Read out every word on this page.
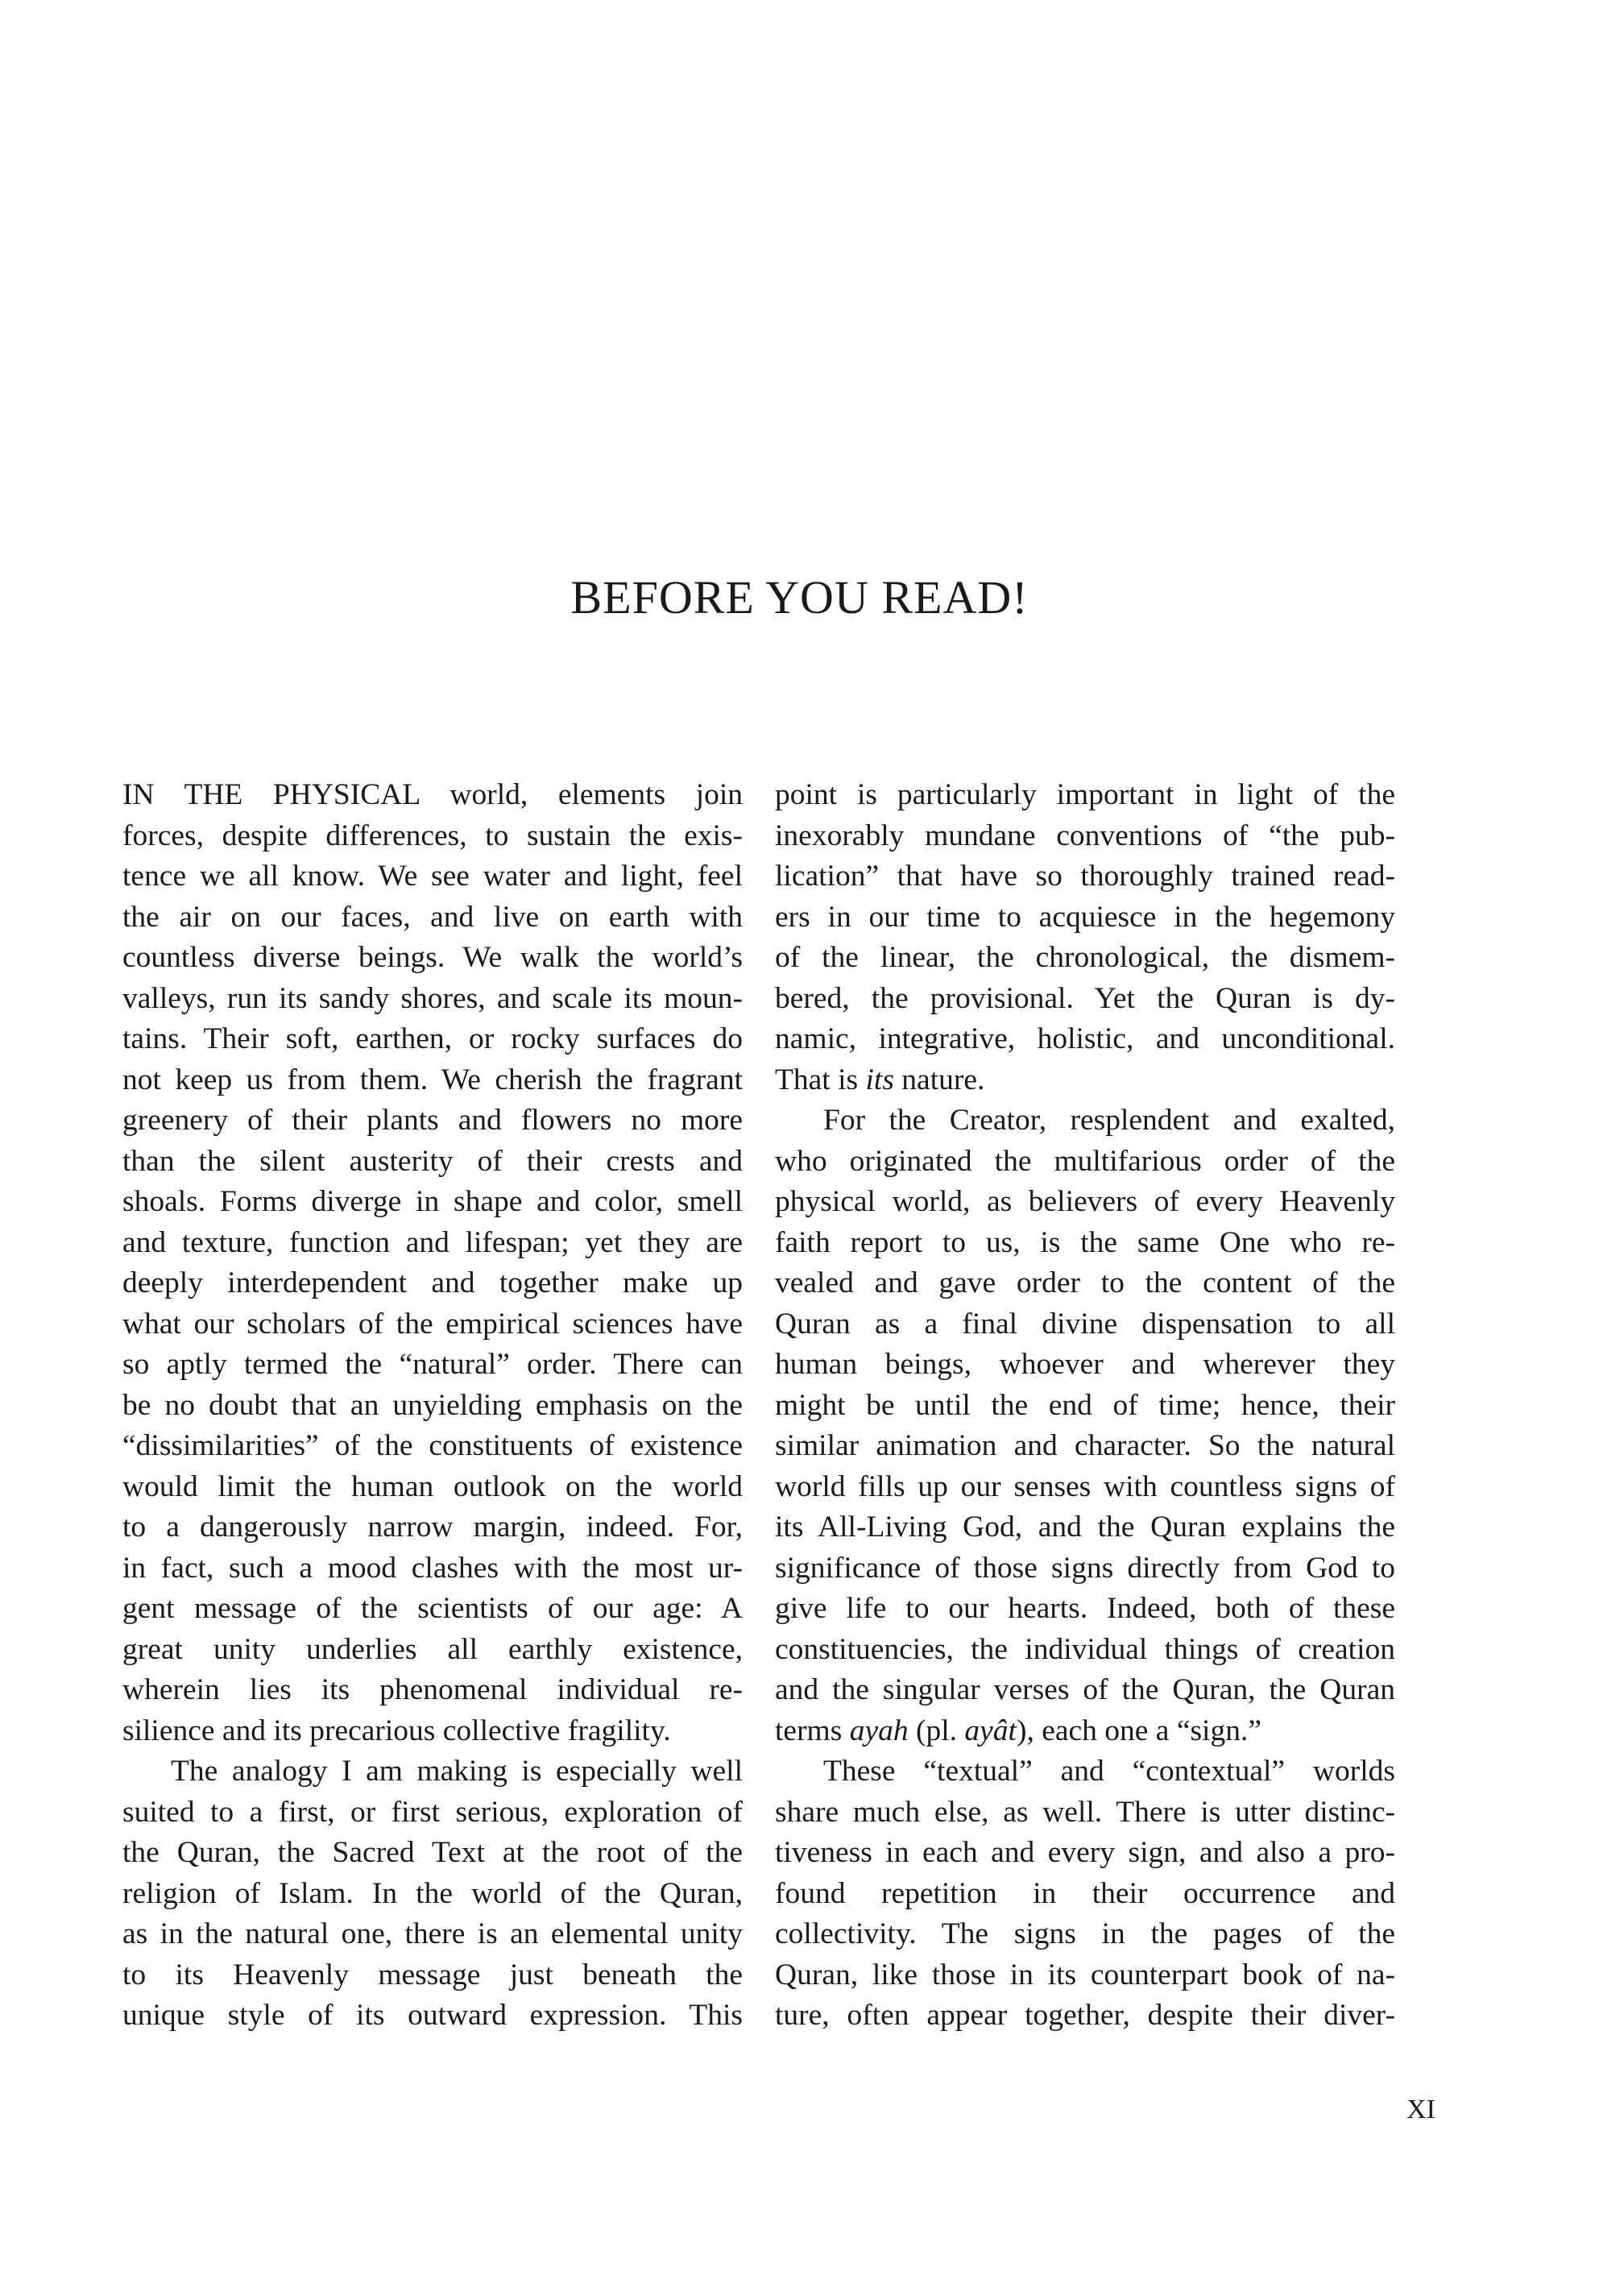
BEFORE YOU READ!
IN THE PHYSICAL world, elements join
forces, despite differences, to sustain the exis-
tence we all know. We see water and light, feel
the air on our faces, and live on earth with
countless diverse beings. We walk the world’s
valleys, run its sandy shores, and scale its moun-
tains. Their soft, earthen, or rocky surfaces do
not keep us from them. We cherish the fragrant
greenery of their plants and flowers no more
than the silent austerity of their crests and
shoals. Forms diverge in shape and color, smell
and texture, function and lifespan; yet they are
deeply interdependent and together make up
what our scholars of the empirical sciences have
so aptly termed the “natural” order. There can
be no doubt that an unyielding emphasis on the
“dissimilarities” of the constituents of existence
would limit the human outlook on the world
to a dangerously narrow margin, indeed. For,
in fact, such a mood clashes with the most ur-
gent message of the scientists of our age: A
great unity underlies all earthly existence,
wherein lies its phenomenal individual re-
silience and its precarious collective fragility.
The analogy I am making is especially well
suited to a first, or first serious, exploration of
the Quran, the Sacred Text at the root of the
religion of Islam. In the world of the Quran,
as in the natural one, there is an elemental unity
to its Heavenly message just beneath the
unique style of its outward expression. This
point is particularly important in light of the
inexorably mundane conventions of “the pub-
lication” that have so thoroughly trained read-
ers in our time to acquiesce in the hegemony
of the linear, the chronological, the dismem-
bered, the provisional. Yet the Quran is dy-
namic, integrative, holistic, and unconditional.
That is its nature.
For the Creator, resplendent and exalted,
who originated the multifarious order of the
physical world, as believers of every Heavenly
faith report to us, is the same One who re-
vealed and gave order to the content of the
Quran as a final divine dispensation to all
human beings, whoever and wherever they
might be until the end of time; hence, their
similar animation and character. So the natural
world fills up our senses with countless signs of
its All-Living God, and the Quran explains the
significance of those signs directly from God to
give life to our hearts. Indeed, both of these
constituencies, the individual things of creation
and the singular verses of the Quran, the Quran
terms ayah (pl. ayât), each one a “sign.”
These “textual” and “contextual” worlds
share much else, as well. There is utter distinc-
tiveness in each and every sign, and also a pro-
found repetition in their occurrence and
collectivity. The signs in the pages of the
Quran, like those in its counterpart book of na-
ture, often appear together, despite their diver-
XI
